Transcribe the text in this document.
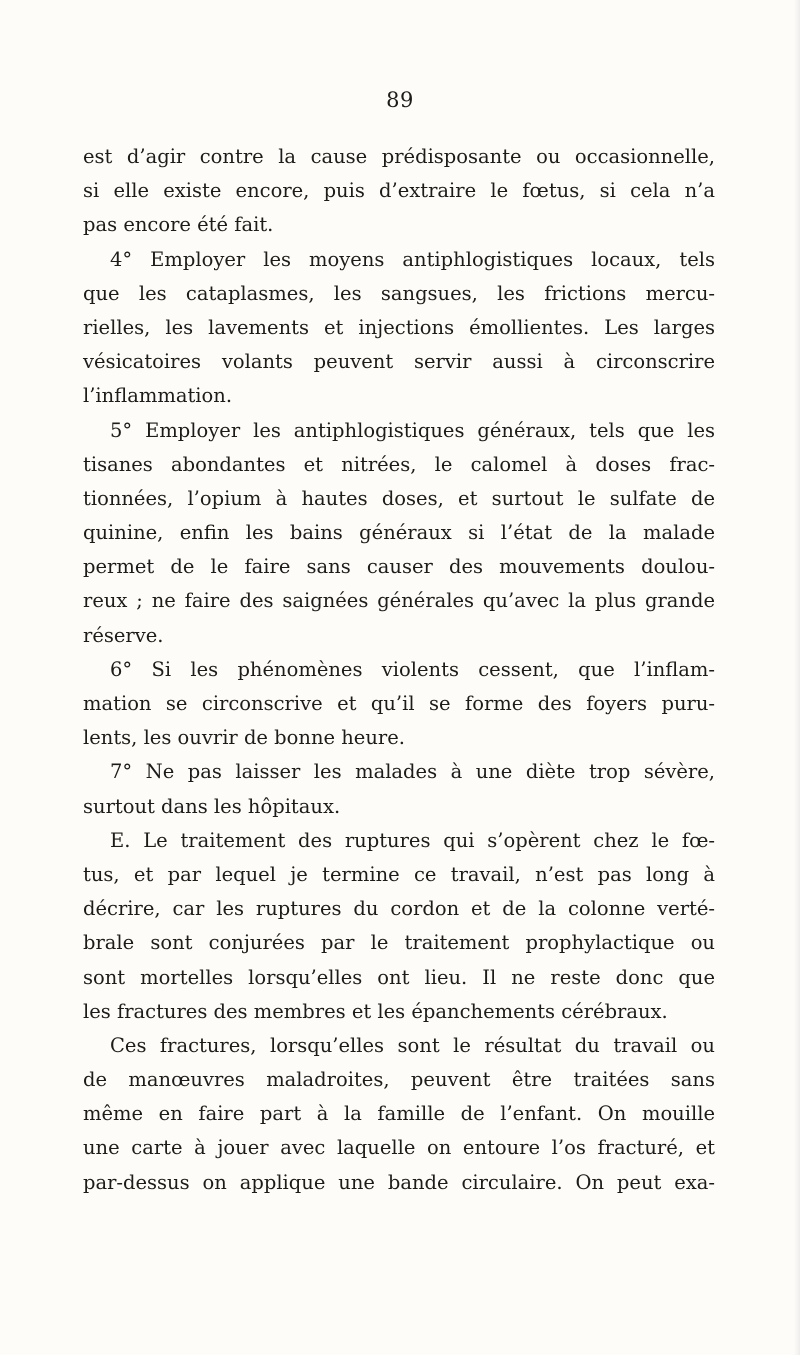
89
est d’agir contre la cause prédisposante ou occasionnelle,
si elle existe encore, puis d’extraire le fœtus, si cela n’a
pas encore été fait.
4° Employer les moyens antiphlogistiques locaux, tels
que les cataplasmes, les sangsues, les frictions mercu-
rielles, les lavements et injections émollientes. Les larges
vésicatoires volants peuvent servir aussi à circonscrire
l’inflammation.
5° Employer les antiphlogistiques généraux, tels que les
tisanes abondantes et nitrées, le calomel à doses frac-
tionnées, l’opium à hautes doses, et surtout le sulfate de
quinine, enfin les bains généraux si l’état de la malade
permet de le faire sans causer des mouvements doulou-
reux ; ne faire des saignées générales qu’avec la plus grande
réserve.
6° Si les phénomènes violents cessent, que l’inflam-
mation se circonscrive et qu’il se forme des foyers puru-
lents, les ouvrir de bonne heure.
7° Ne pas laisser les malades à une diète trop sévère,
surtout dans les hôpitaux.
E. Le traitement des ruptures qui s’opèrent chez le fœ-
tus, et par lequel je termine ce travail, n’est pas long à
décrire, car les ruptures du cordon et de la colonne verté-
brale sont conjurées par le traitement prophylactique ou
sont mortelles lorsqu’elles ont lieu. Il ne reste donc que
les fractures des membres et les épanchements cérébraux.
Ces fractures, lorsqu’elles sont le résultat du travail ou
de manœuvres maladroites, peuvent être traitées sans
même en faire part à la famille de l’enfant. On mouille
une carte à jouer avec laquelle on entoure l’os fracturé, et
par-dessus on applique une bande circulaire. On peut exa-
